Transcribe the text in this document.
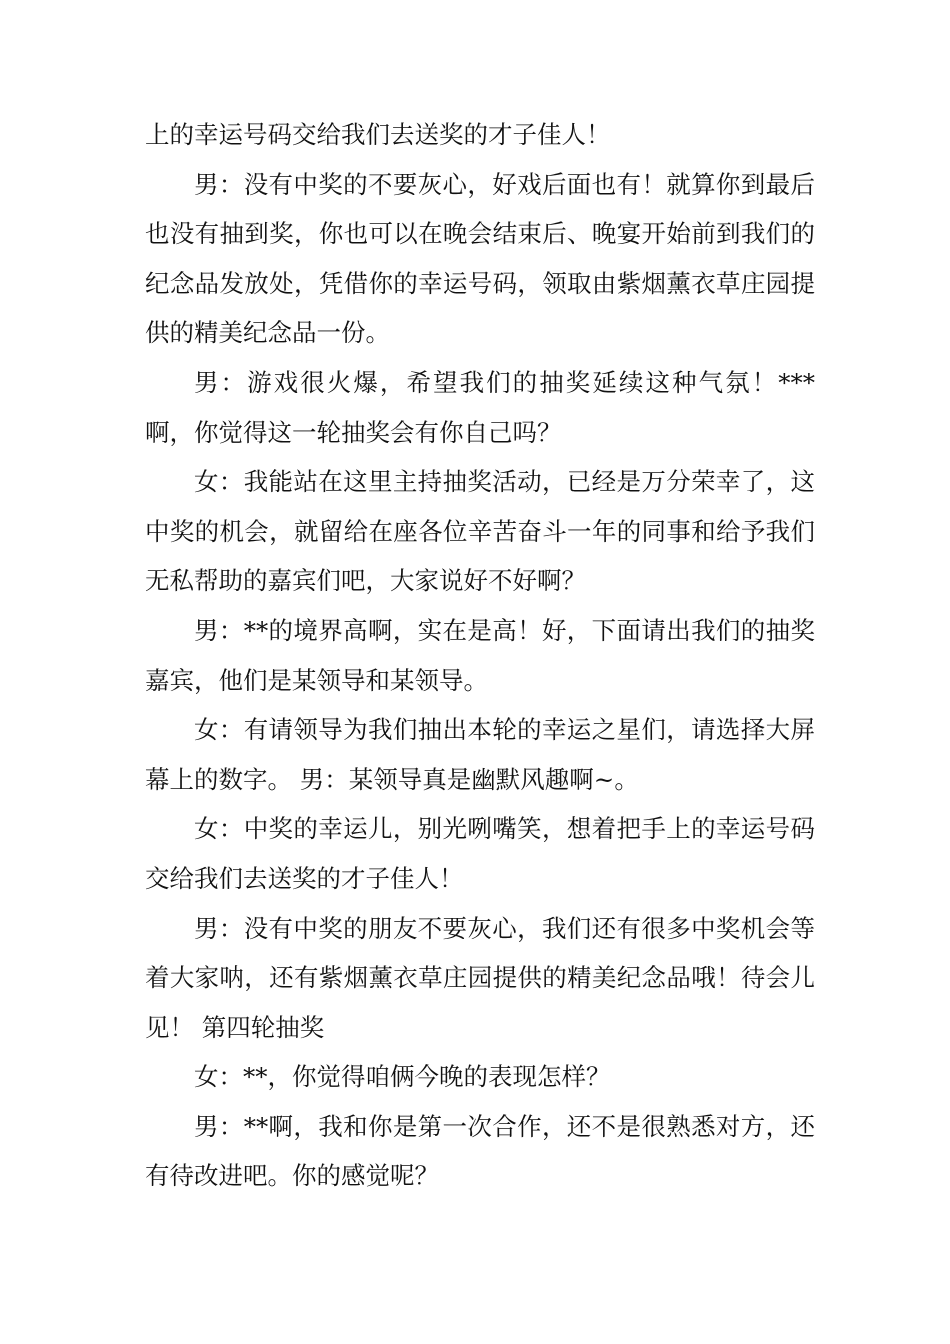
上的幸运号码交给我们去送奖的才子佳人！

男：没有中奖的不要灰心，好戏后面也有！就算你到最后也没有抽到奖，你也可以在晚会结束后、晚宴开始前到我们的纪念品发放处，凭借你的幸运号码，领取由紫烟薰衣草庄园提供的精美纪念品一份。

男：游戏很火爆，希望我们的抽奖延续这种气氛！***啊，你觉得这一轮抽奖会有你自己吗？

女：我能站在这里主持抽奖活动，已经是万分荣幸了，这中奖的机会，就留给在座各位辛苦奋斗一年的同事和给予我们无私帮助的嘉宾们吧，大家说好不好啊？

男：**的境界高啊，实在是高！好，下面请出我们的抽奖嘉宾，他们是某领导和某领导。

女：有请领导为我们抽出本轮的幸运之星们，请选择大屏幕上的数字。 男：某领导真是幽默风趣啊~。

女：中奖的幸运儿，别光咧嘴笑，想着把手上的幸运号码交给我们去送奖的才子佳人！

男：没有中奖的朋友不要灰心，我们还有很多中奖机会等着大家呐，还有紫烟薰衣草庄园提供的精美纪念品哦！待会儿见！ 第四轮抽奖

女：**，你觉得咱俩今晚的表现怎样？

男：**啊，我和你是第一次合作，还不是很熟悉对方，还有待改进吧。你的感觉呢？
